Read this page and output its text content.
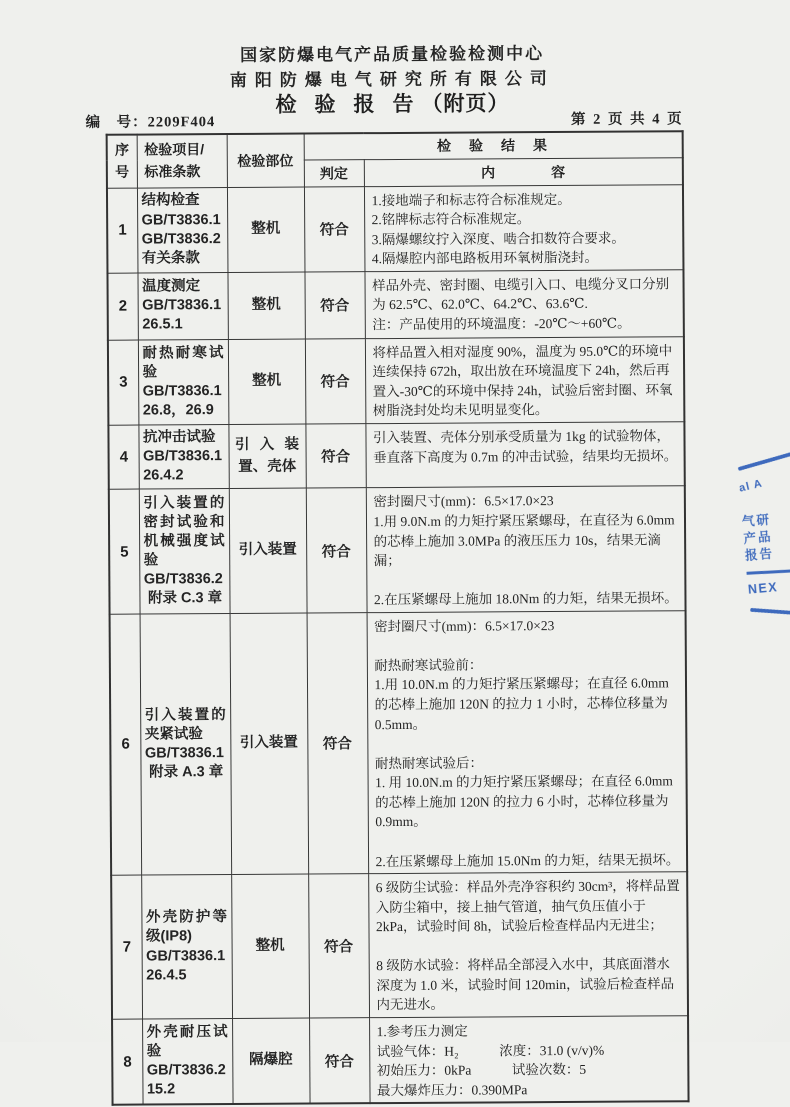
国家防爆电气产品质量检验检测中心
南阳防爆电气研究所有限公司
检验报告（附页）
编　号：2209F404	第 2 页 共 4 页
序
号	检验项目/
标准条款	检验部位	检　验　结　果	
			判定	内　　　　容
1	结构检查
GB/T3836.1
GB/T3836.2
有关条款	整机	符合	1.接地端子和标志符合标准规定。
2.铭牌标志符合标准规定。
3.隔爆螺纹拧入深度、啮合扣数符合要求。
4.隔爆腔内部电路板用环氧树脂浇封。
2	温度测定
GB/T3836.1
26.5.1	整机	符合	样品外壳、密封圈、电缆引入口、电缆分叉口分别为 62.5℃、62.0℃、64.2℃、63.6℃.
注：产品使用的环境温度：-20℃～+60℃。
3	耐热耐寒试验
GB/T3836.1
26.8，26.9	整机	符合	将样品置入相对湿度 90%，温度为 95.0℃的环境中连续保持 672h，取出放在环境温度下 24h，然后再置入-30℃的环境中保持 24h，试验后密封圈、环氧树脂浇封处均未见明显变化。
4	抗冲击试验
GB/T3836.1
26.4.2	引入装置、壳体	符合	引入装置、壳体分别承受质量为 1kg 的试验物体，垂直落下高度为 0.7m 的冲击试验，结果均无损坏。
5	引入装置的密封试验和机械强度试验
GB/T3836.2
附录 C.3 章	引入装置	符合	密封圈尺寸(mm)：6.5×17.0×23
1.用 9.0N.m 的力矩拧紧压紧螺母，在直径为 6.0mm 的芯棒上施加 3.0MPa 的液压压力 10s，结果无滴漏；

2.在压紧螺母上施加 18.0Nm 的力矩，结果无损坏。
6	引入装置的夹紧试验
GB/T3836.1
附录 A.3 章	引入装置	符合	密封圈尺寸(mm)：6.5×17.0×23

耐热耐寒试验前：
1.用 10.0N.m 的力矩拧紧压紧螺母；在直径 6.0mm 的芯棒上施加 120N 的拉力 1 小时，芯棒位移量为 0.5mm。

耐热耐寒试验后：
1. 用 10.0N.m 的力矩拧紧压紧螺母；在直径 6.0mm 的芯棒上施加 120N 的拉力 6 小时，芯棒位移量为 0.9mm。

2.在压紧螺母上施加 15.0Nm 的力矩，结果无损坏。
7	外壳防护等级(IP8)
GB/T3836.1
26.4.5	整机	符合	6 级防尘试验：样品外壳净容积约 30cm³，将样品置入防尘箱中，接上抽气管道，抽气负压值小于 2kPa，试验时间 8h，试验后检查样品内无进尘；

8 级防水试验：将样品全部浸入水中，其底面潜水深度为 1.0 米，试验时间 120min，试验后检查样品内无进水。
8	外壳耐压试验
GB/T3836.2
15.2	隔爆腔	符合	1.参考压力测定
试验气体：H₂　　　浓度：31.0 (v/v)%
初始压力：0kPa　　　试验次数：5
最大爆炸压力：0.390MPa
al A
气研
产品
报告
NEX
